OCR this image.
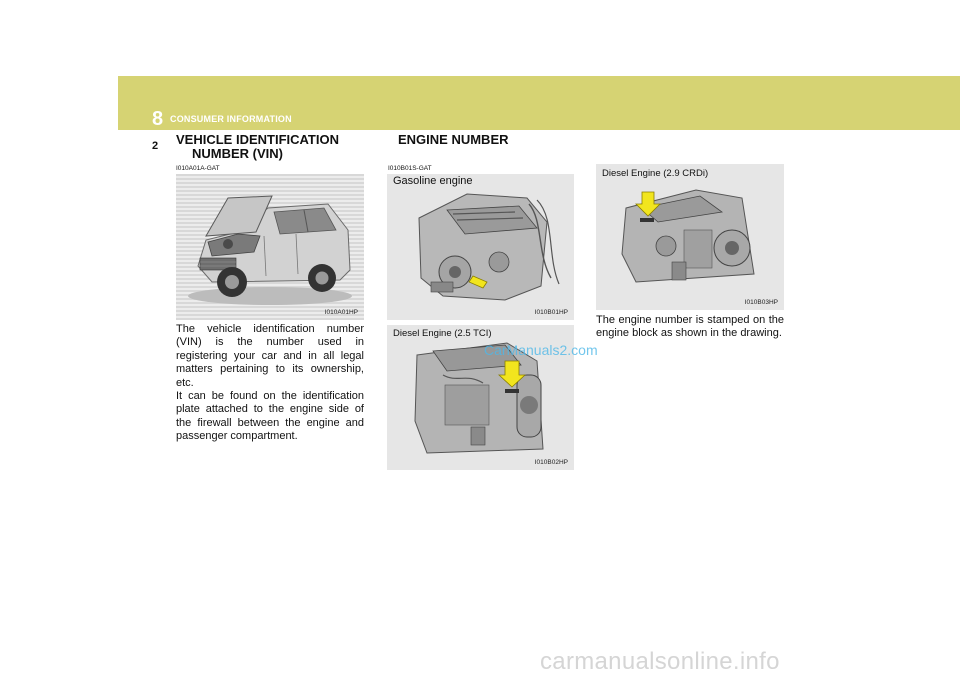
8 CONSUMER INFORMATION
2 VEHICLE IDENTIFICATION
NUMBER (VIN)
ENGINE NUMBER
I010A01A-GAT	I010B01S-GAT
I010A01HP
Gasoline engine
I010B01HP
Diesel Engine (2.5 TCI)
I010B02HP
Diesel Engine (2.9 CRDi)
I010B03HP
The vehicle identification number (VIN) is the number used in registering your car and in all legal matters pertaining to its ownership, etc.
It can be found on the identification plate attached to the engine side of the firewall between the engine and passenger compartment.
The engine number is stamped on the engine block as shown in the drawing.
CarManuals2.com
carmanualsonline.info
